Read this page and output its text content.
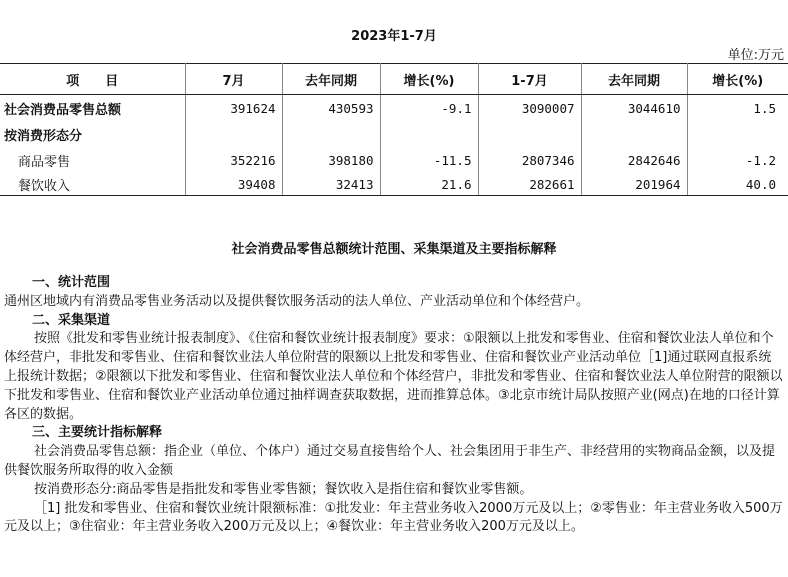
2023年1-7月
单位:万元
项　　目	7月	去年同期	增长(%)	1-7月	去年同期	增长(%)
社会消费品零售总额	391624	430593	-9.1	3090007	3044610	1.5
按消费形态分						
商品零售	352216	398180	-11.5	2807346	2842646	-1.2
餐饮收入	39408	32413	21.6	282661	201964	40.0
社会消费品零售总额统计范围、采集渠道及主要指标解释

一、统计范围

通州区地域内有消费品零售业务活动以及提供餐饮服务活动的法人单位、产业活动单位和个体经营户。

二、采集渠道

按照《批发和零售业统计报表制度》、《住宿和餐饮业统计报表制度》要求：①限额以上批发和零售业、住宿和餐饮业法人单位和个体经营户，非批发和零售业、住宿和餐饮业法人单位附营的限额以上批发和零售业、住宿和餐饮业产业活动单位［1]通过联网直报系统上报统计数据；②限额以下批发和零售业、住宿和餐饮业法人单位和个体经营户，非批发和零售业、住宿和餐饮业法人单位附营的限额以下批发和零售业、住宿和餐饮业产业活动单位通过抽样调查获取数据，进而推算总体。③北京市统计局队按照产业(网点)在地的口径计算各区的数据。

三、主要统计指标解释

社会消费品零售总额：指企业（单位、个体户）通过交易直接售给个人、社会集团用于非生产、非经营用的实物商品金额，以及提供餐饮服务所取得的收入金额

按消费形态分:商品零售是指批发和零售业零售额；餐饮收入是指住宿和餐饮业零售额。

［1] 批发和零售业、住宿和餐饮业统计限额标准：①批发业：年主营业务收入2000万元及以上；②零售业：年主营业务收入500万元及以上；③住宿业：年主营业务收入200万元及以上；④餐饮业：年主营业务收入200万元及以上。
